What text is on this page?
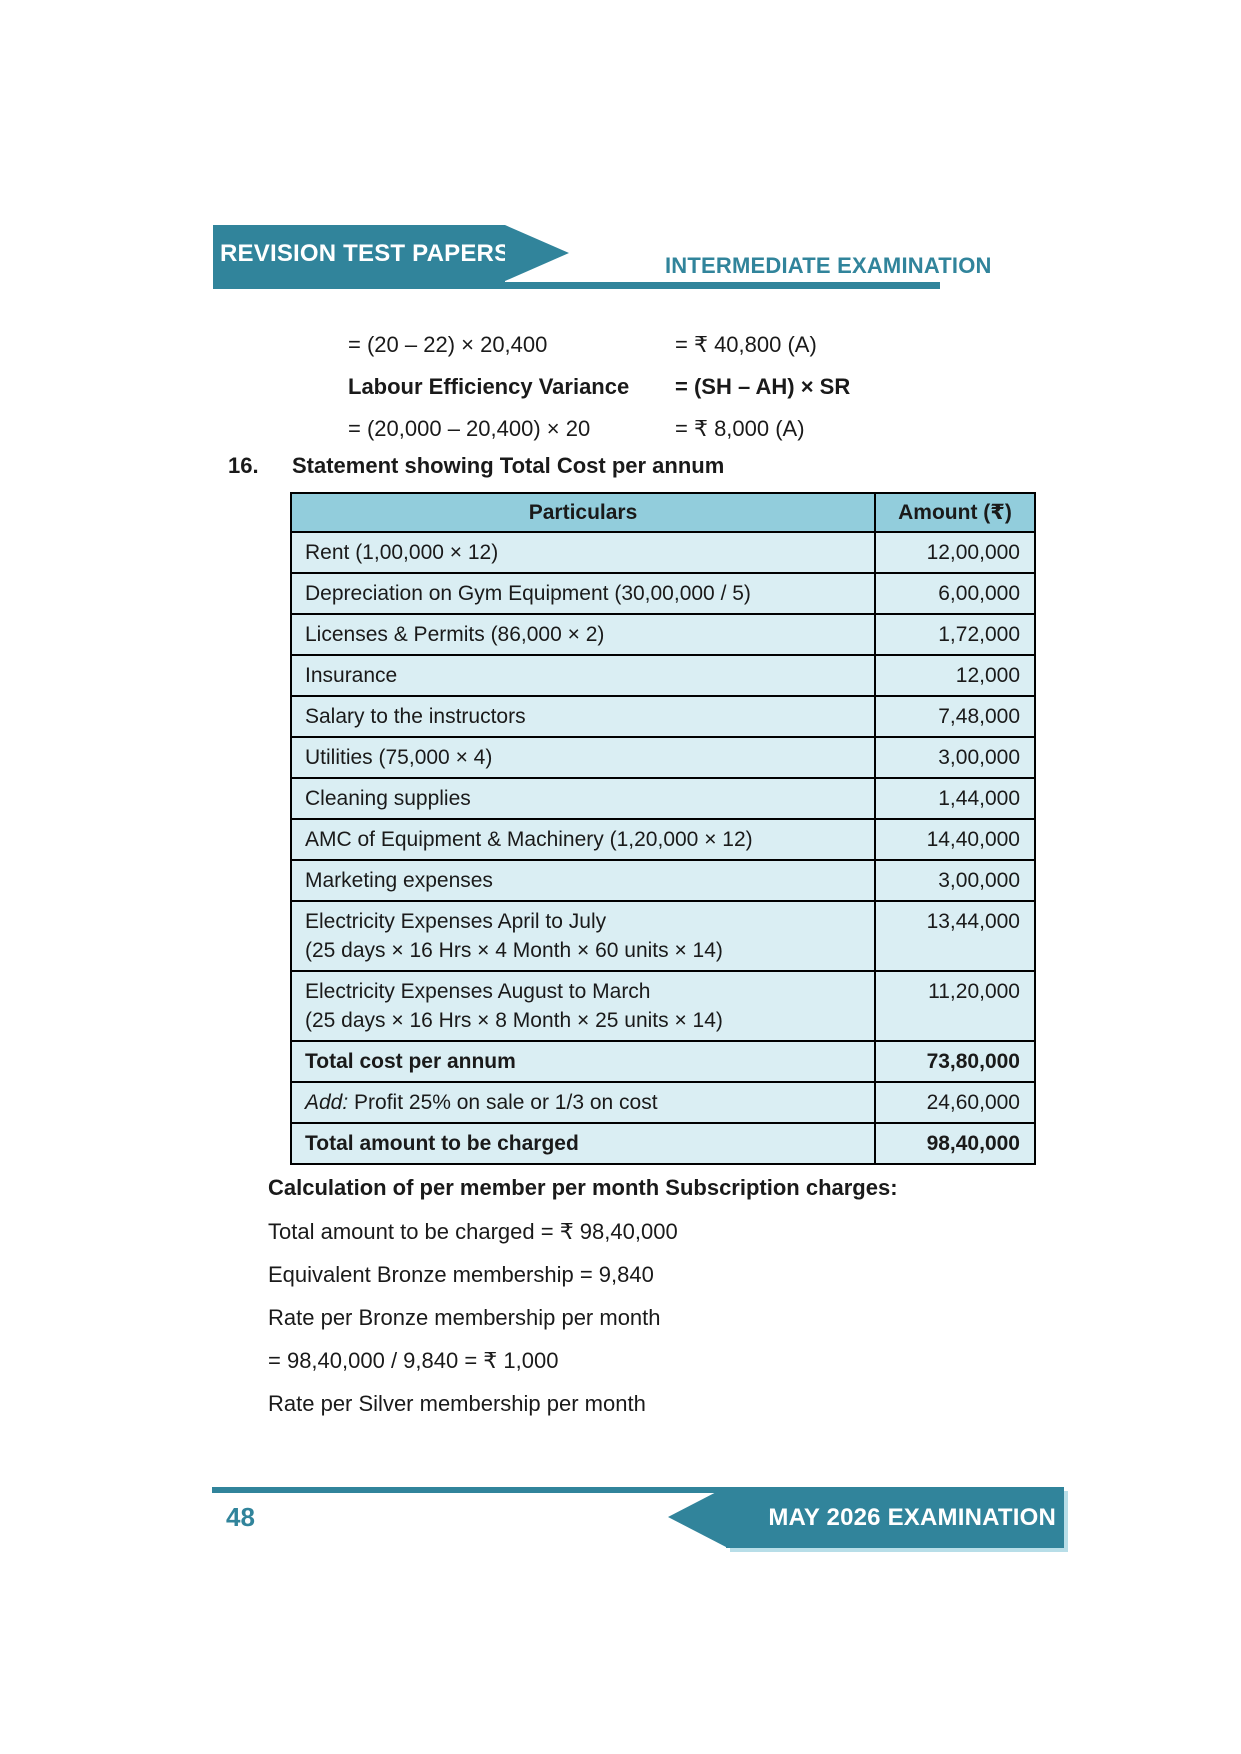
REVISION TEST PAPERS	INTERMEDIATE EXAMINATION
= (20 – 22) × 20,400	= ₹ 40,800 (A)
Labour Efficiency Variance	= (SH – AH) × SR
= (20,000 – 20,400) × 20	= ₹ 8,000 (A)
16.	Statement showing Total Cost per annum
Particulars	Amount (₹)

Rent (1,00,000 × 12)	12,00,000

Depreciation on Gym Equipment (30,00,000 / 5)	6,00,000

Licenses & Permits (86,000 × 2)	1,72,000

Insurance	12,000

Salary to the instructors	7,48,000

Utilities (75,000 × 4)	3,00,000

Cleaning supplies	1,44,000

AMC of Equipment & Machinery (1,20,000 × 12)	14,40,000

Marketing expenses	3,00,000

Electricity Expenses April to July
(25 days × 16 Hrs × 4 Month × 60 units × 14)	13,44,000

Electricity Expenses August to March
(25 days × 16 Hrs × 8 Month × 25 units × 14)	11,20,000

Total cost per annum	73,80,000
Add: Profit 25% on sale or 1/3 on cost	24,60,000

Total amount to be charged	98,40,000
Calculation of per member per month Subscription charges:
Total amount to be charged = ₹ 98,40,000
Equivalent Bronze membership = 9,840
Rate per Bronze membership per month
= 98,40,000 / 9,840 = ₹ 1,000
Rate per Silver membership per month
48	MAY 2026 EXAMINATION
